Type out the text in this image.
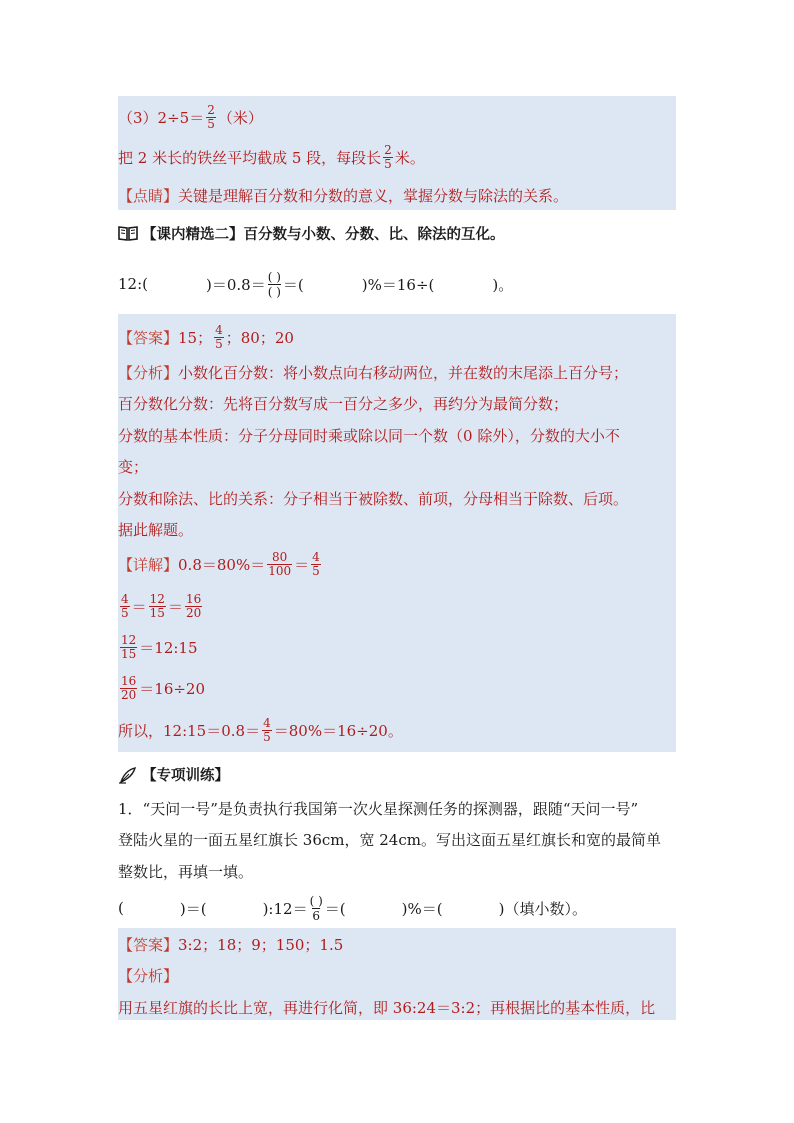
$(3)2\div 5= \frac{2}{5}$ （米）
把 2 米长的铁丝平均截成 5 段，每段长 $\frac{2}{5}$ 米。
【点睛】 关键是理解百分数和分数的意义，掌握分数与除法的关系。
【课内精选二】百分数与小数、分数、比、除法的互化。
12:(	)＝0.8＝ ( )
( ) ＝(	)%＝16÷(	)。
【答案】 15； $\frac{4}{5}$ ；80；20
【分析】 小数化百分数：将小数点向右移动两位，并在数的末尾添上百分号；
百分数化分数：先将百分数写成一百分之多少，再约分为最简分数；
分数的基本性质：分子分母同时乘或除以同一个数（0 除外），分数的大小不
变；
分数和除法、比的关系：分子相当于被除数、前项，分母相当于除数、后项。
据此解题。
【详解】 $0.8=80\%= \frac{80}{100} = \frac{4}{5}$
$\frac{4}{5} = \frac{12}{15} = \frac{16}{20}$
$\frac{12}{15}$ ＝12:15
$\frac{16}{20} =16\div 20$
所以，12:15＝0.8＝ $\frac{4}{5} =80\%=16\div 20$。
【专项训练】
1．“天问一号”是负责执行我国第一次火星探测任务的探测器，跟随“天问一号”
登陆火星的一面五星红旗长 36cm，宽 24cm。写出这面五星红旗长和宽的最简单
整数比，再填一填。
(	)＝(	):12＝ ( )
6 ＝(	)%＝(	)（填小数）。
【答案】 3:2；18；9；150；1.5
【分析】
用五星红旗的长比上宽，再进行化简，即 36:24＝3:2；再根据比的基本性质，比
